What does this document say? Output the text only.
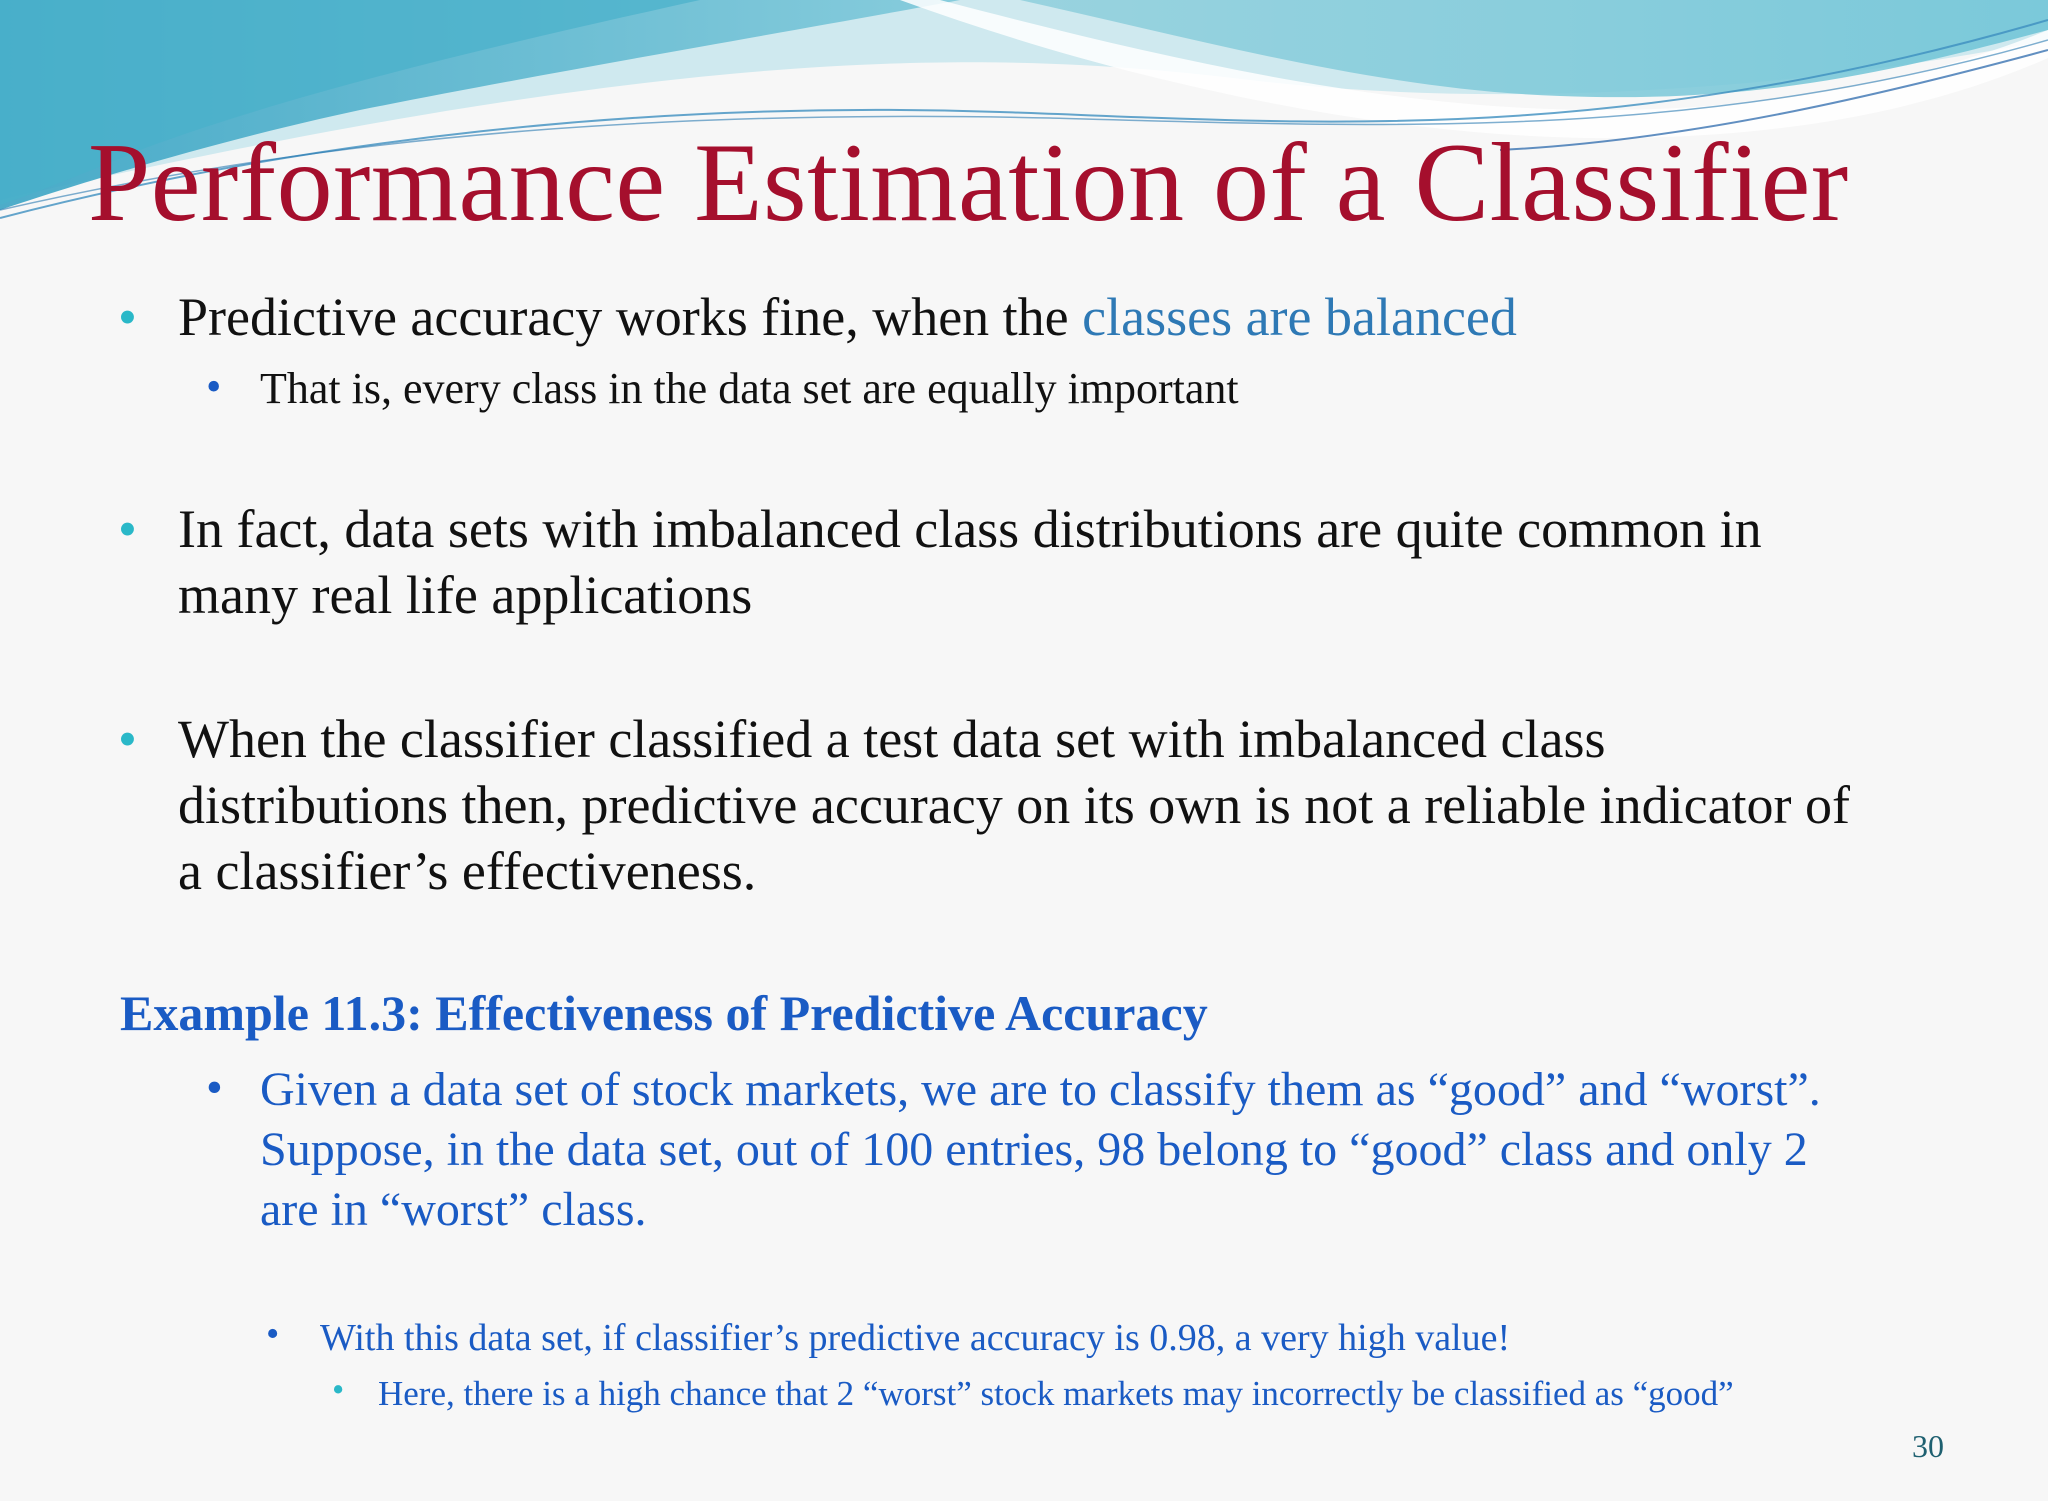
Performance Estimation of a Classifier
• Predictive accuracy works fine, when the classes are balanced
• That is, every class in the data set are equally important
• In fact, data sets with imbalanced class distributions are quite common in
many real life applications
• When the classifier classified a test data set with imbalanced class
distributions then, predictive accuracy on its own is not a reliable indicator of
a classifier’s effectiveness.
Example 11.3: Effectiveness of Predictive Accuracy
• Given a data set of stock markets, we are to classify them as “good” and “worst”.
Suppose, in the data set, out of 100 entries, 98 belong to “good” class and only 2
are in “worst” class.
• With this data set, if classifier’s predictive accuracy is 0.98, a very high value!
• Here, there is a high chance that 2 “worst” stock markets may incorrectly be classified as “good”
30
